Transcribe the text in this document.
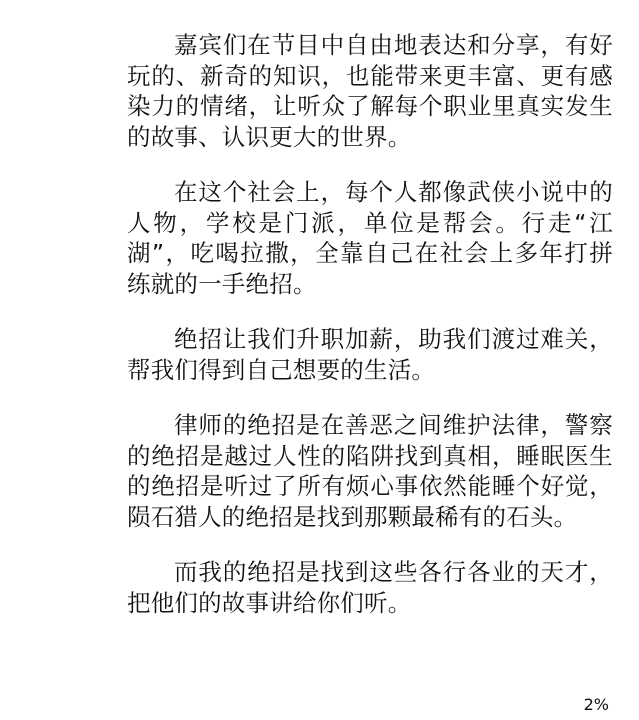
嘉宾们在节目中自由地表达和分享，有好玩的、新奇的知识，也能带来更丰富、更有感染力的情绪，让听众了解每个职业里真实发生的故事、认识更大的世界。

在这个社会上，每个人都像武侠小说中的人物，学校是门派，单位是帮会。行走“江湖”，吃喝拉撒，全靠自己在社会上多年打拼练就的一手绝招。

绝招让我们升职加薪，助我们渡过难关，帮我们得到自己想要的生活。

律师的绝招是在善恶之间维护法律，警察的绝招是越过人性的陷阱找到真相，睡眠医生的绝招是听过了所有烦心事依然能睡个好觉，陨石猎人的绝招是找到那颗最稀有的石头。

而我的绝招是找到这些各行各业的天才，把他们的故事讲给你们听。

2%
